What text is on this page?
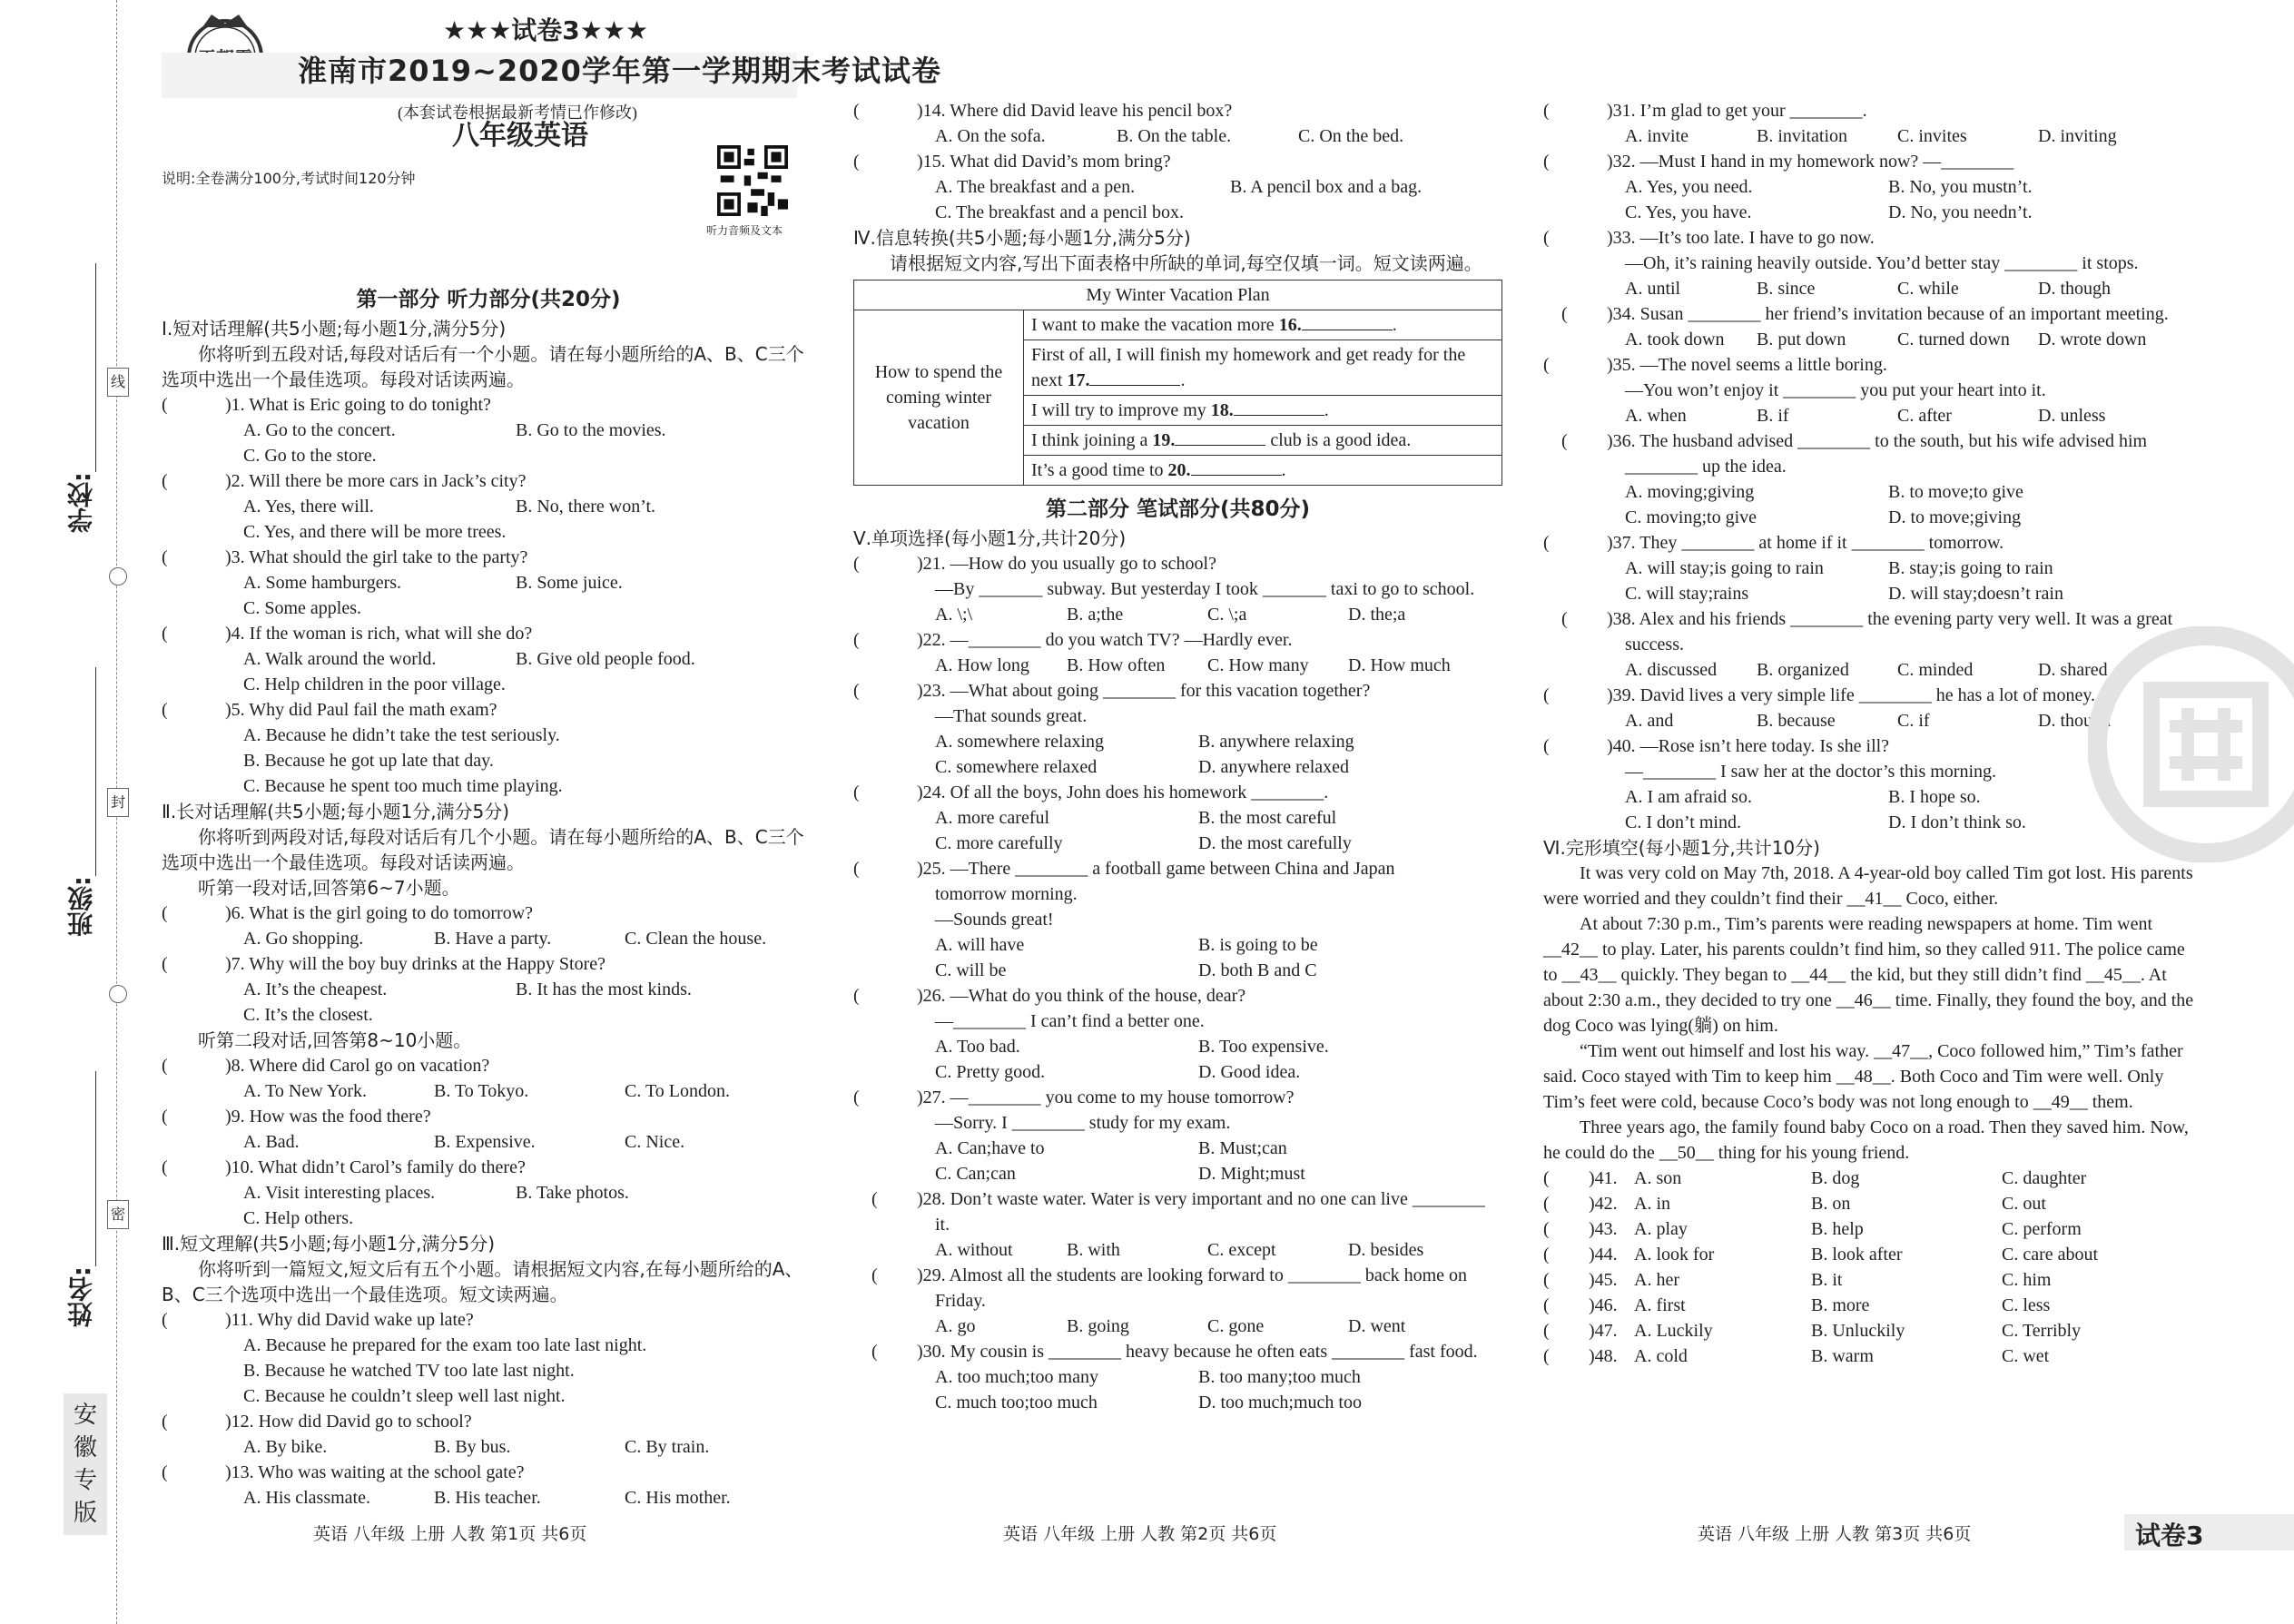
学校:
班级:
姓名:
线
封
密
安
徽
专
版
★★★试卷3★★★
淮南市2019~2020学年第一学期期末考试试卷
(本套试卷根据最新考情已作修改)
八年级英语
说明:全卷满分100分,考试时间120分钟
听力音频及文本
第一部分 听力部分(共20分)
Ⅰ.短对话理解(共5小题;每小题1分,满分5分)
你将听到五段对话,每段对话后有一个小题。请在每小题所给的A、B、C三个选项中选出一个最佳选项。每段对话读两遍。
(	)1. What is Eric going to do tonight?
A. Go to the concert.	B. Go to the movies.
C. Go to the store.
(	)2. Will there be more cars in Jack’s city?
A. Yes, there will.	B. No, there won’t.
C. Yes, and there will be more trees.
(	)3. What should the girl take to the party?
A. Some hamburgers.	B. Some juice.
C. Some apples.
(	)4. If the woman is rich, what will she do?
A. Walk around the world.	B. Give old people food.
C. Help children in the poor village.
(	)5. Why did Paul fail the math exam?
A. Because he didn’t take the test seriously.
B. Because he got up late that day.
C. Because he spent too much time playing.
Ⅱ.长对话理解(共5小题;每小题1分,满分5分)
你将听到两段对话,每段对话后有几个小题。请在每小题所给的A、B、C三个选项中选出一个最佳选项。每段对话读两遍。
听第一段对话,回答第6~7小题。
(	)6. What is the girl going to do tomorrow?
A. Go shopping.	B. Have a party.	C. Clean the house.
(	)7. Why will the boy buy drinks at the Happy Store?
A. It’s the cheapest.	B. It has the most kinds.
C. It’s the closest.
听第二段对话,回答第8~10小题。
(	)8. Where did Carol go on vacation?
A. To New York.	B. To Tokyo.	C. To London.
(	)9. How was the food there?
A. Bad.	B. Expensive.	C. Nice.
(	)10. What didn’t Carol’s family do there?
A. Visit interesting places.	B. Take photos.
C. Help others.
Ⅲ.短文理解(共5小题;每小题1分,满分5分)
你将听到一篇短文,短文后有五个小题。请根据短文内容,在每小题所给的A、B、C三个选项中选出一个最佳选项。短文读两遍。
(	)11. Why did David wake up late?
A. Because he prepared for the exam too late last night.
B. Because he watched TV too late last night.
C. Because he couldn’t sleep well last night.
(	)12. How did David go to school?
A. By bike.	B. By bus.	C. By train.
(	)13. Who was waiting at the school gate?
A. His classmate.	B. His teacher.	C. His mother.
(	)14. Where did David leave his pencil box?
A. On the sofa.	B. On the table.	C. On the bed.
(	)15. What did David’s mom bring?
A. The breakfast and a pen.	B. A pencil box and a bag.
C. The breakfast and a pencil box.
Ⅳ.信息转换(共5小题;每小题1分,满分5分)
请根据短文内容,写出下面表格中所缺的单词,每空仅填一词。短文读两遍。
My Winter Vacation Plan
How to spend the coming winter vacation	I want to make the vacation more 16.	.
First of all, I will finish my homework and get ready for the next 17.	.
I will try to improve my 18.	.
I think joining a 19.	club is a good idea.
It’s a good time to 20.	.
第二部分 笔试部分(共80分)
Ⅴ.单项选择(每小题1分,共计20分)
(	)21. —How do you usually go to school?
—By _______ subway. But yesterday I took _______ taxi to go to school.
A. \;\	B. a;the	C. \;a	D. the;a
(	)22. —________ do you watch TV? —Hardly ever.
A. How long B. How often C. How many D. How much
(	)23. —What about going ________ for this vacation together?
—That sounds great.
A. somewhere relaxing	B. anywhere relaxing
C. somewhere relaxed	D. anywhere relaxed
(	)24. Of all the boys, John does his homework ________.
A. more careful	B. the most careful
C. more carefully	D. the most carefully
(	)25. —There ________ a football game between China and Japan
tomorrow morning.
—Sounds great!
A. will have	B. is going to be
C. will be	D. both B and C
(	)26. —What do you think of the house, dear?
—________ I can’t find a better one.
A. Too bad.	B. Too expensive.
C. Pretty good.	D. Good idea.
(	)27. —________ you come to my house tomorrow?
—Sorry. I ________ study for my exam.
A. Can;have to	B. Must;can
C. Can;can	D. Might;must
(	)28. Don’t waste water. Water is very important and no one can live ________ it.
A. without	B. with	C. except	D. besides
(	)29. Almost all the students are looking forward to ________ back home on Friday.
A. go	B. going	C. gone	D. went
(	)30. My cousin is ________ heavy because he often eats ________ fast food.
A. too much;too many	B. too many;too much
C. much too;too much	D. too much;much too
(	)31. I’m glad to get your ________.
A. invite	B. invitation	C. invites	D. inviting
(	)32. —Must I hand in my homework now? —________
A. Yes, you need.	B. No, you mustn’t.
C. Yes, you have.	D. No, you needn’t.
(	)33. —It’s too late. I have to go now.
—Oh, it’s raining heavily outside. You’d better stay ________ it stops.
A. until	B. since	C. while	D. though
(	)34. Susan ________ her friend’s invitation because of an important meeting.
A. took down B. put down	C. turned down D. wrote down
(	)35. —The novel seems a little boring.
—You won’t enjoy it ________ you put your heart into it.
A. when	B. if	C. after	D. unless
(	)36. The husband advised ________ to the south, but his wife advised him ________ up the idea.
A. moving;giving	B. to move;to give
C. moving;to give	D. to move;giving
(	)37. They ________ at home if it ________ tomorrow.
A. will stay;is going to rain	B. stay;is going to rain
C. will stay;rains	D. will stay;doesn’t rain
(	)38. Alex and his friends ________ the evening party very well. It was a great success.
A. discussed B. organized	C. minded	D. shared
(	)39. David lives a very simple life ________ he has a lot of money.
A. and	B. because	C. if	D. though
(	)40. —Rose isn’t here today. Is she ill?
—________ I saw her at the doctor’s this morning.
A. I am afraid so.	B. I hope so.
C. I don’t mind.	D. I don’t think so.
Ⅵ.完形填空(每小题1分,共计10分)
It was very cold on May 7th, 2018. A 4-year-old boy called Tim got lost. His parents were worried and they couldn’t find their __41__ Coco, either.
At about 7:30 p.m., Tim’s parents were reading newspapers at home. Tim went __42__ to play. Later, his parents couldn’t find him, so they called 911. The police came to __43__ quickly. They began to __44__ the kid, but they still didn’t find __45__. At about 2:30 a.m., they decided to try one __46__ time. Finally, they found the boy, and the dog Coco was lying(躺) on him.
“Tim went out himself and lost his way. __47__, Coco followed him,” Tim’s father said. Coco stayed with Tim to keep him __48__. Both Coco and Tim were well. Only Tim’s feet were cold, because Coco’s body was not long enough to __49__ them.
Three years ago, the family found baby Coco on a road. Then they saved him. Now, he could do the __50__ thing for his young friend.
(	)41. A. son	B. dog	C. daughter
(	)42. A. in	B. on	C. out
(	)43. A. play	B. help	C. perform
(	)44. A. look for	B. look after	C. care about
(	)45. A. her	B. it	C. him
(	)46. A. first	B. more	C. less
(	)47. A. Luckily	B. Unluckily	C. Terribly
(	)48. A. cold	B. warm	C. wet
英语 八年级 上册 人教 第1页 共6页	英语 八年级 上册 人教 第2页 共6页	英语 八年级 上册 人教 第3页 共6页	试卷3
